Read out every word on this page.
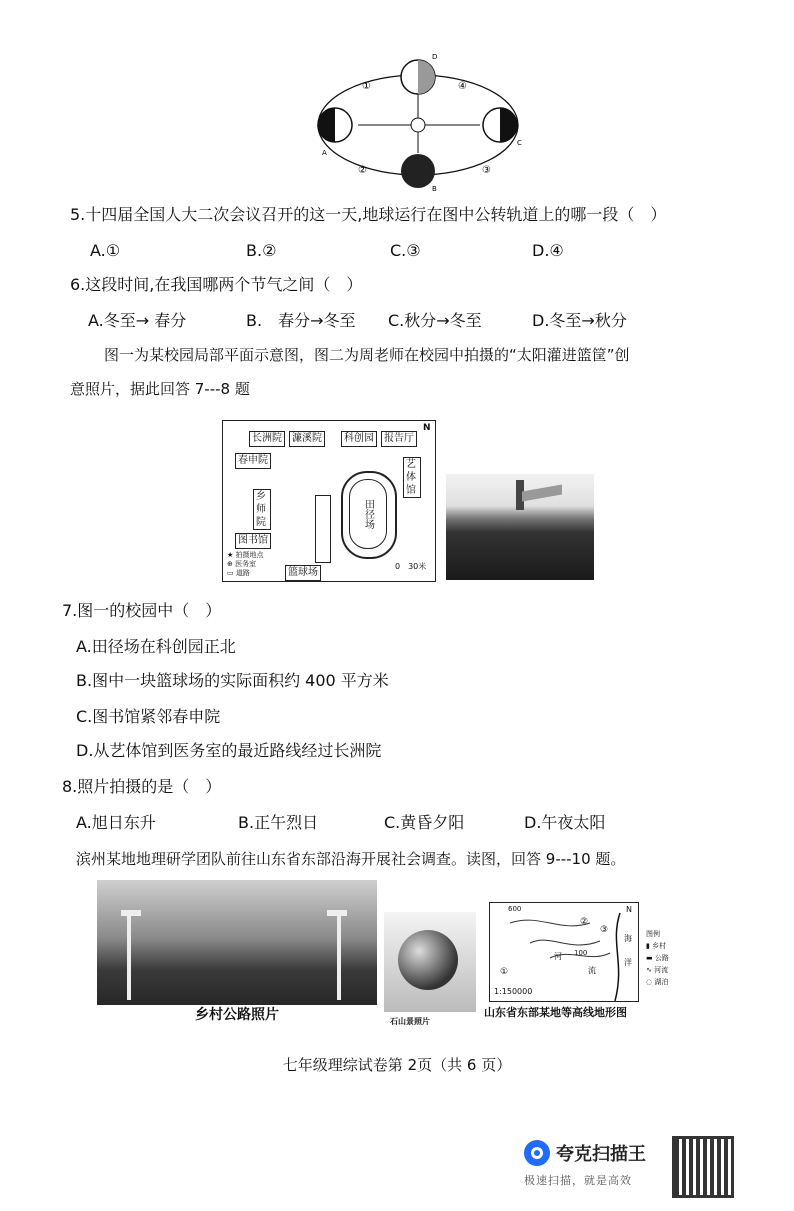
①
②	③
④
A
B
C
D
5.十四届全国人大二次会议召开的这一天,地球运行在图中公转轨道上的哪一段（　）
A.①	B.②	C.③	D.④
6.这段时间,在我国哪两个节气之间（　）
A.冬至→ 春分	B.　春分→冬至 C.秋分→冬至	D.冬至→秋分
图一为某校园局部平面示意图，图二为周老师在校园中拍摄的“太阳灌进篮筐”创
意照片，据此回答 7---8 题
长洲院	濂溪院	科创园	报告厅
春申院
乡师院
图书馆
艺体馆
篮球场
田径场
N
0　30米
★ 拍摄地点
⊕ 医务室
▭ 道路
7.图一的校园中（　）
A.田径场在科创园正北
B.图中一块篮球场的实际面积约 400 平方米
C.图书馆紧邻春申院
D.从艺体馆到医务室的最近路线经过长洲院
8.照片拍摄的是（　）
A.旭日东升	B.正午烈日	C.黄昏夕阳	D.午夜太阳
滨州某地地理研学团队前往山东省东部沿海开展社会调查。读图，回答 9---10 题。
乡村公路照片	石山景照片
600
100
海
洋
河
流
①
②
③
N
1:150000
图例
▮ 乡村
▬ 公路
∿ 河流
◌ 湖泊
山东省东部某地等高线地形图
七年级理综试卷第 2页（共 6 页）
夸克扫描王
极速扫描，就是高效
